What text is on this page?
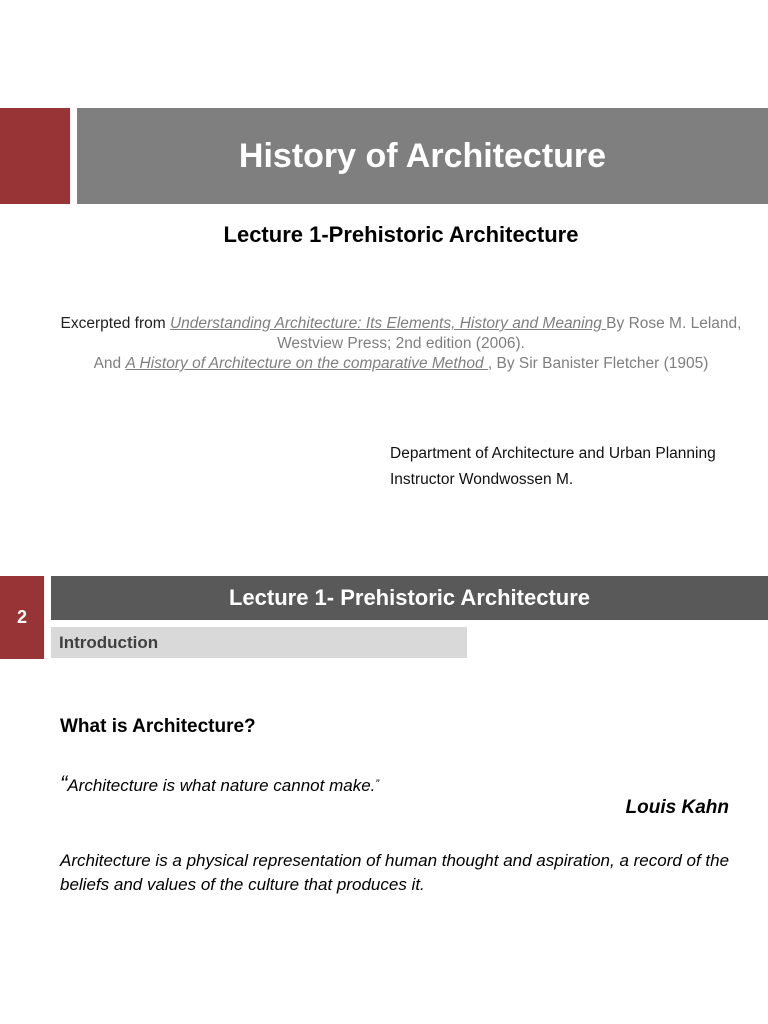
History of Architecture
Lecture 1-Prehistoric Architecture
Excerpted from Understanding Architecture: Its Elements, History and Meaning By Rose M. Leland, Westview Press; 2nd edition (2006).
And A History of Architecture on the comparative Method , By Sir Banister Fletcher (1905)
Department of Architecture and Urban Planning
Instructor Wondwossen M.
2
Lecture 1- Prehistoric Architecture
Introduction
What is Architecture?
“Architecture is what nature cannot make.”
Louis Kahn
Architecture is a physical representation of human thought and aspiration, a record of the beliefs and values of the culture that produces it.
